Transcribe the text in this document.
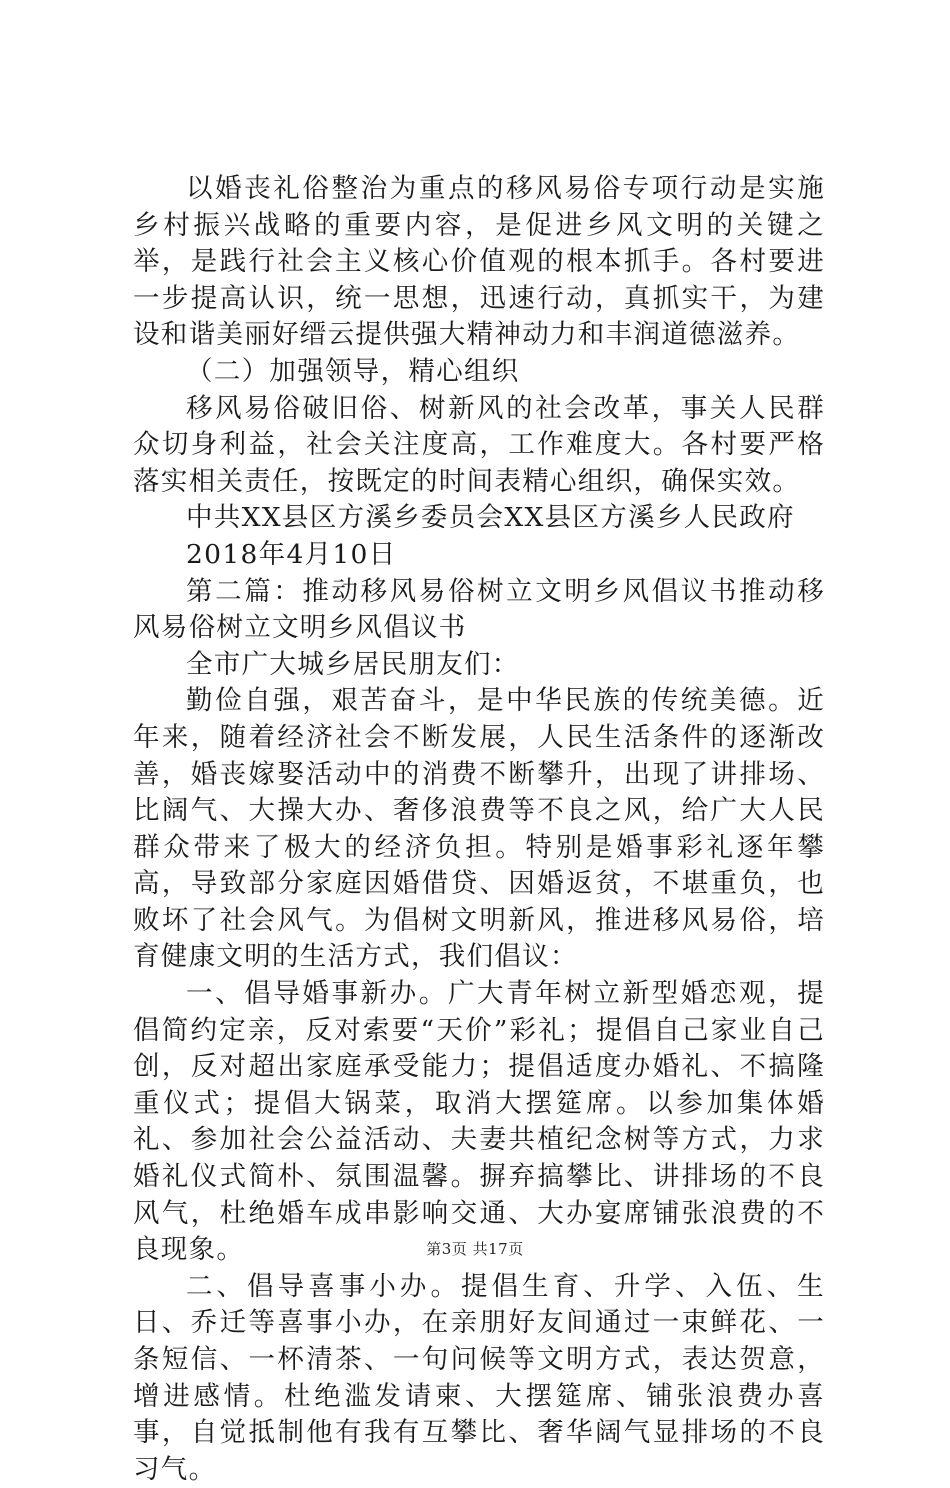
以婚丧礼俗整治为重点的移风易俗专项行动是实施乡村振兴战略的重要内容，是促进乡风文明的关键之举，是践行社会主义核心价值观的根本抓手。各村要进一步提高认识，统一思想，迅速行动，真抓实干，为建设和谐美丽好缙云提供强大精神动力和丰润道德滋养。

（二）加强领导，精心组织

移风易俗破旧俗、树新风的社会改革，事关人民群众切身利益，社会关注度高，工作难度大。各村要严格落实相关责任，按既定的时间表精心组织，确保实效。

中共XX县区方溪乡委员会XX县区方溪乡人民政府

2018年4月10日

第二篇：推动移风易俗树立文明乡风倡议书推动移风易俗树立文明乡风倡议书

全市广大城乡居民朋友们：

勤俭自强，艰苦奋斗，是中华民族的传统美德。近年来，随着经济社会不断发展，人民生活条件的逐渐改善，婚丧嫁娶活动中的消费不断攀升，出现了讲排场、比阔气、大操大办、奢侈浪费等不良之风，给广大人民群众带来了极大的经济负担。特别是婚事彩礼逐年攀高，导致部分家庭因婚借贷、因婚返贫，不堪重负，也败坏了社会风气。为倡树文明新风，推进移风易俗，培育健康文明的生活方式，我们倡议：

一、倡导婚事新办。广大青年树立新型婚恋观，提倡简约定亲，反对索要“天价”彩礼；提倡自己家业自己创，反对超出家庭承受能力；提倡适度办婚礼、不搞隆重仪式；提倡大锅菜，取消大摆筵席。以参加集体婚礼、参加社会公益活动、夫妻共植纪念树等方式，力求婚礼仪式简朴、氛围温馨。摒弃搞攀比、讲排场的不良风气，杜绝婚车成串影响交通、大办宴席铺张浪费的不良现象。

二、倡导喜事小办。提倡生育、升学、入伍、生日、乔迁等喜事小办，在亲朋好友间通过一束鲜花、一条短信、一杯清茶、一句问候等文明方式，表达贺意，增进感情。杜绝滥发请柬、大摆筵席、铺张浪费办喜事，自觉抵制他有我有互攀比、奢华阔气显排场的不良习气。

第3页 共17页
